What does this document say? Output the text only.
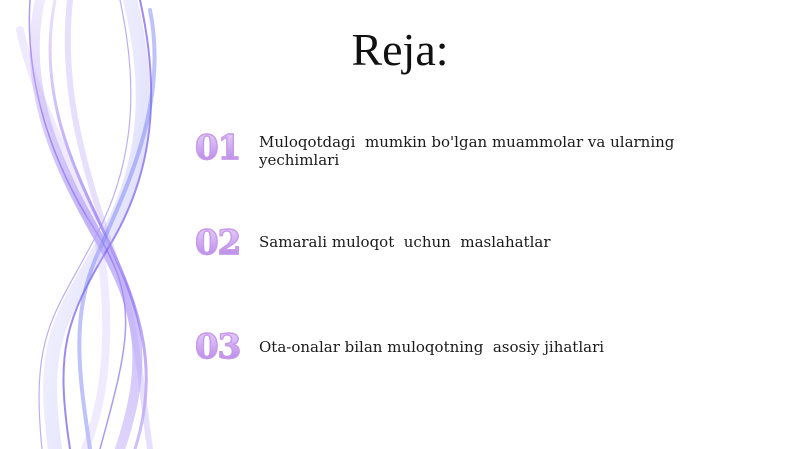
Reja:
01	Muloqotdagi  mumkin bo'lgan muammolar va ularning yechimlari
02	Samarali muloqot  uchun  maslahatlar
03	Ota-onalar bilan muloqotning  asosiy jihatlari
